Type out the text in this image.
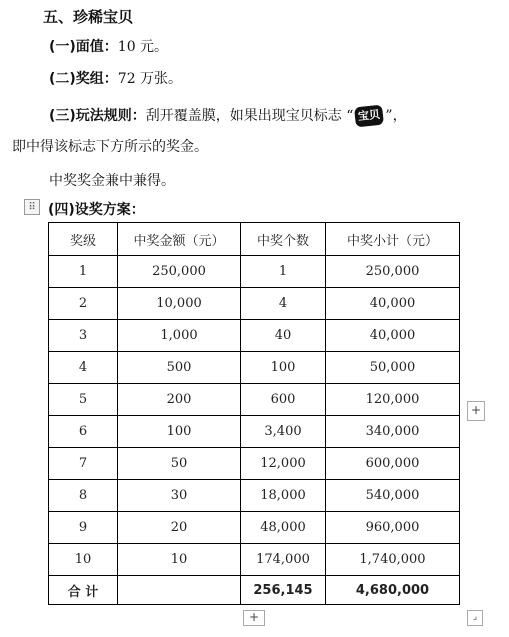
五、珍稀宝贝
(一)面值：10 元。
(二)奖组：72 万张。
(三)玩法规则：刮开覆盖膜，如果出现宝贝标志 “ 宝贝 ”，
即中得该标志下方所示的奖金。
中奖奖金兼中兼得。
⠿ (四)设奖方案：
奖级	中奖金额（元）	中奖个数	中奖小计（元）
1	250,000	1	250,000
2	10,000	4	40,000
3	1,000	40	40,000
4	500	100	50,000
5	200	600	120,000
6	100	3,400	340,000
7	50	12,000	600,000
8	30	18,000	540,000
9	20	48,000	960,000
10	10	174,000	1,740,000
合 计		256,145	4,680,000
+
+	⌟
